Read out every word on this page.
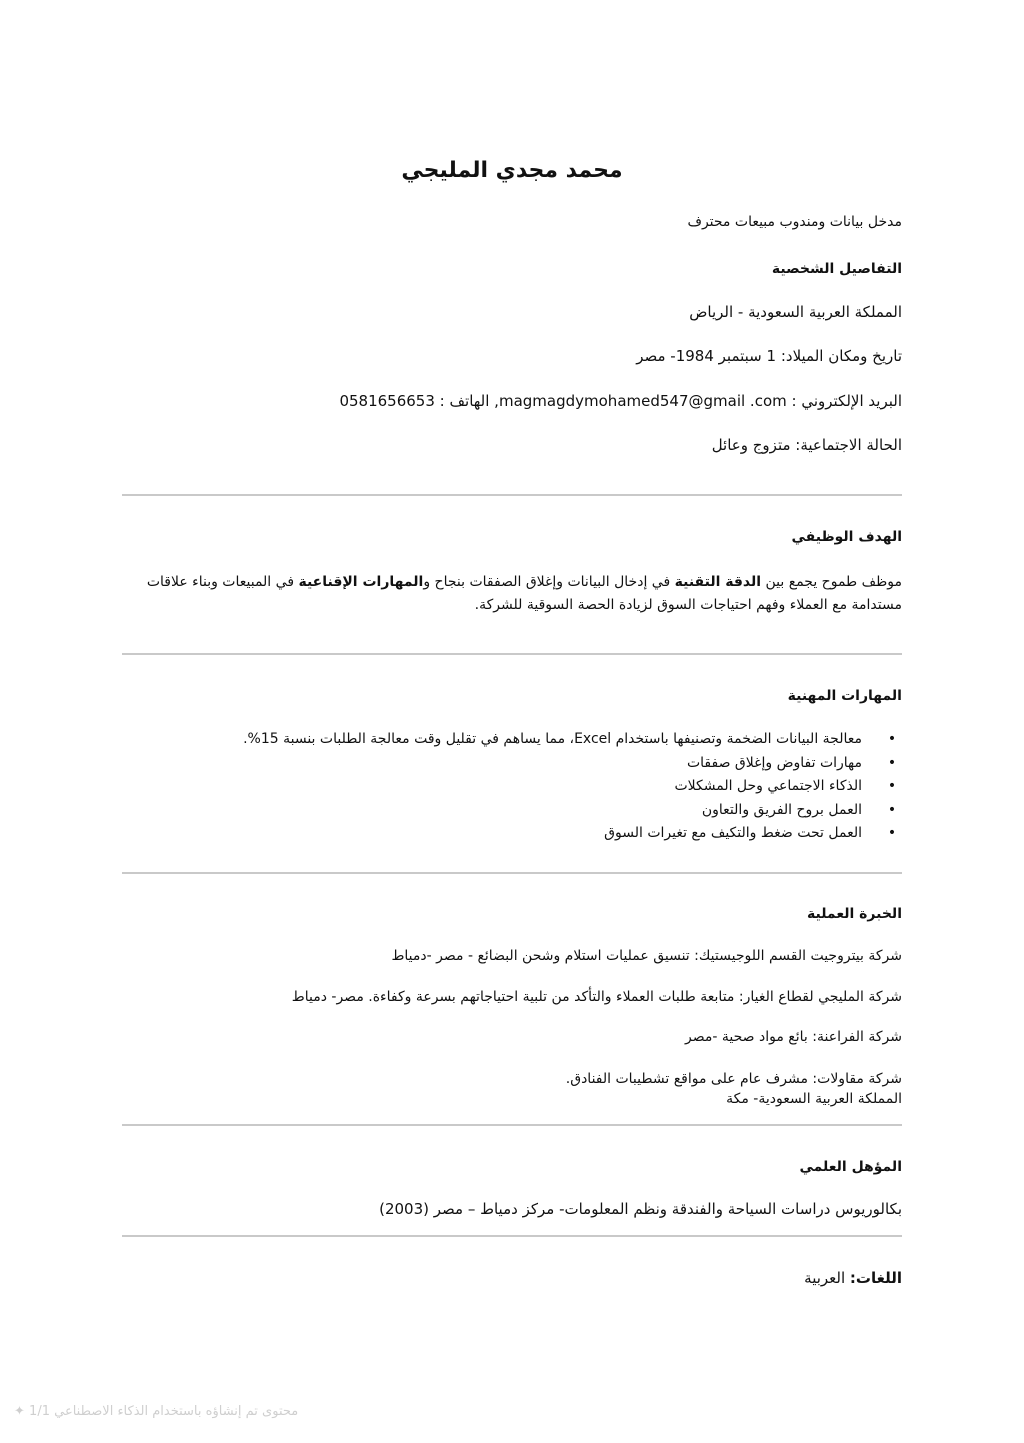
محمد مجدي المليجي
مدخل بيانات ومندوب مبيعات محترف
التفاصيل الشخصية
المملكة العربية السعودية - الرياض
تاريخ ومكان الميلاد: 1 سبتمبر 1984- مصر
البريد الإلكتروني : magmagdymohamed547@gmail .com, الهاتف : 0581656653
الحالة الاجتماعية: متزوج وعائل
الهدف الوظيفي
موظف طموح يجمع بين الدقة التقنية في إدخال البيانات وإغلاق الصفقات بنجاح والمهارات الإقناعية في المبيعات وبناء علاقات مستدامة مع العملاء وفهم احتياجات السوق لزيادة الحصة السوقية للشركة.
المهارات المهنية
•
معالجة البيانات الضخمة وتصنيفها باستخدام Excel، مما يساهم في تقليل وقت معالجة الطلبات بنسبة 15%.
•
مهارات تفاوض وإغلاق صفقات
•
الذكاء الاجتماعي وحل المشكلات
•
العمل بروح الفريق والتعاون
•
العمل تحت ضغط والتكيف مع تغيرات السوق
الخبرة العملية
شركة بيتروجيت القسم اللوجيستيك: تنسيق عمليات استلام وشحن البضائع - مصر -دمياط
شركة المليجي لقطاع الغيار: متابعة طلبات العملاء والتأكد من تلبية احتياجاتهم بسرعة وكفاءة. مصر- دمياط
شركة الفراعنة: بائع مواد صحية -مصر
شركة مقاولات: مشرف عام على مواقع تشطيبات الفنادق.
المملكة العربية السعودية- مكة
المؤهل العلمي
بكالوريوس دراسات السياحة والفندقة ونظم المعلومات- مركز دمياط – مصر (2003)
اللغات: العربية
✦ 1/1 محتوى تم إنشاؤه باستخدام الذكاء الاصطناعي
